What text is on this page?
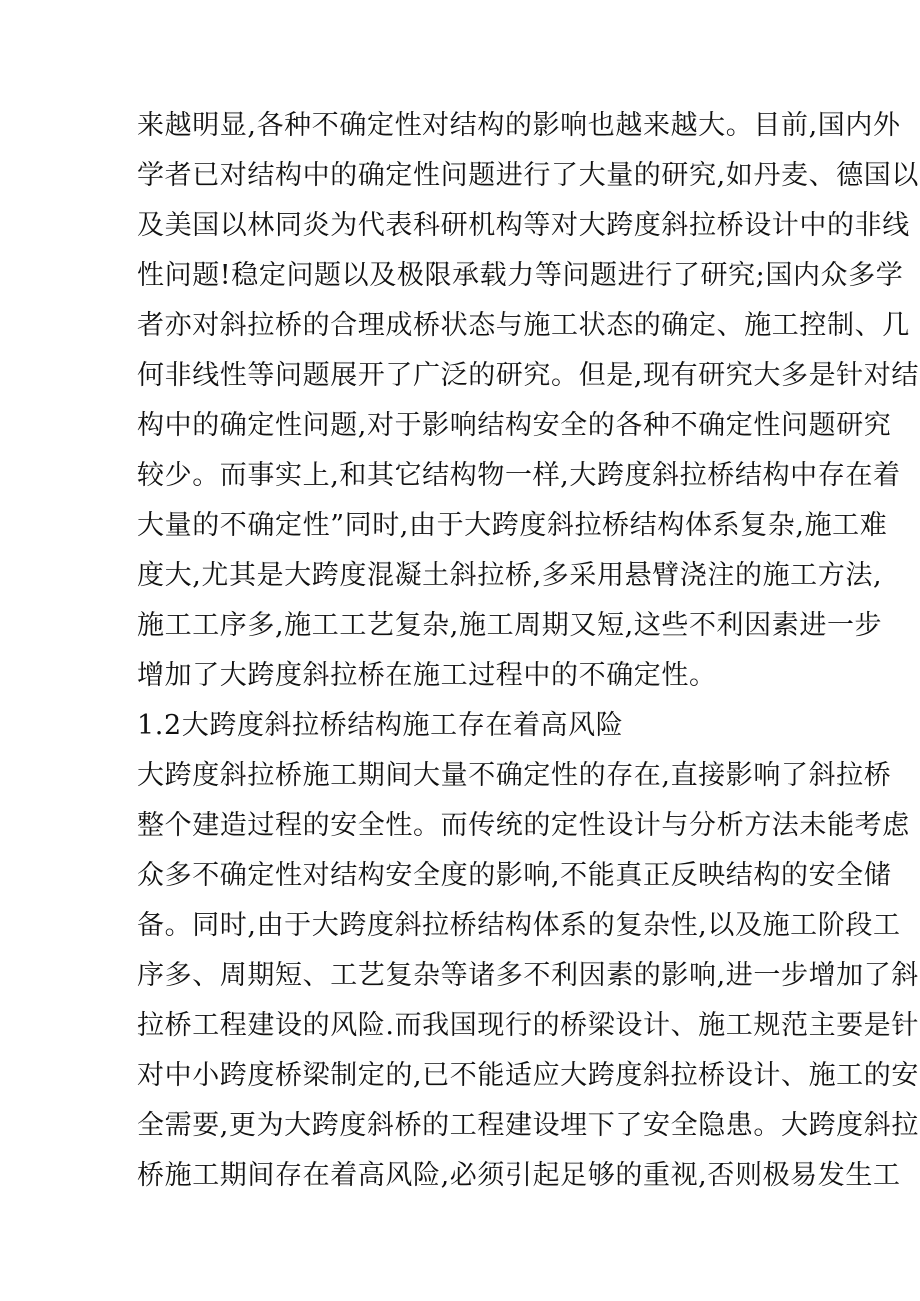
来越明显,各种不确定性对结构的影响也越来越大。目前,国内外
学者已对结构中的确定性问题进行了大量的研究,如丹麦、德国以
及美国以林同炎为代表科研机构等对大跨度斜拉桥设计中的非线
性问题!稳定问题以及极限承载力等问题进行了研究;国内众多学
者亦对斜拉桥的合理成桥状态与施工状态的确定、施工控制、几
何非线性等问题展开了广泛的研究。但是,现有研究大多是针对结
构中的确定性问题,对于影响结构安全的各种不确定性问题研究
较少。而事实上,和其它结构物一样,大跨度斜拉桥结构中存在着
大量的不确定性”同时,由于大跨度斜拉桥结构体系复杂,施工难
度大,尤其是大跨度混凝土斜拉桥,多采用悬臂浇注的施工方法,
施工工序多,施工工艺复杂,施工周期又短,这些不利因素进一步
增加了大跨度斜拉桥在施工过程中的不确定性。
1.2大跨度斜拉桥结构施工存在着高风险
大跨度斜拉桥施工期间大量不确定性的存在,直接影响了斜拉桥
整个建造过程的安全性。而传统的定性设计与分析方法未能考虑
众多不确定性对结构安全度的影响,不能真正反映结构的安全储
备。同时,由于大跨度斜拉桥结构体系的复杂性,以及施工阶段工
序多、周期短、工艺复杂等诸多不利因素的影响,进一步增加了斜
拉桥工程建设的风险.而我国现行的桥梁设计、施工规范主要是针
对中小跨度桥梁制定的,已不能适应大跨度斜拉桥设计、施工的安
全需要,更为大跨度斜桥的工程建设埋下了安全隐患。大跨度斜拉
桥施工期间存在着高风险,必须引起足够的重视,否则极易发生工
